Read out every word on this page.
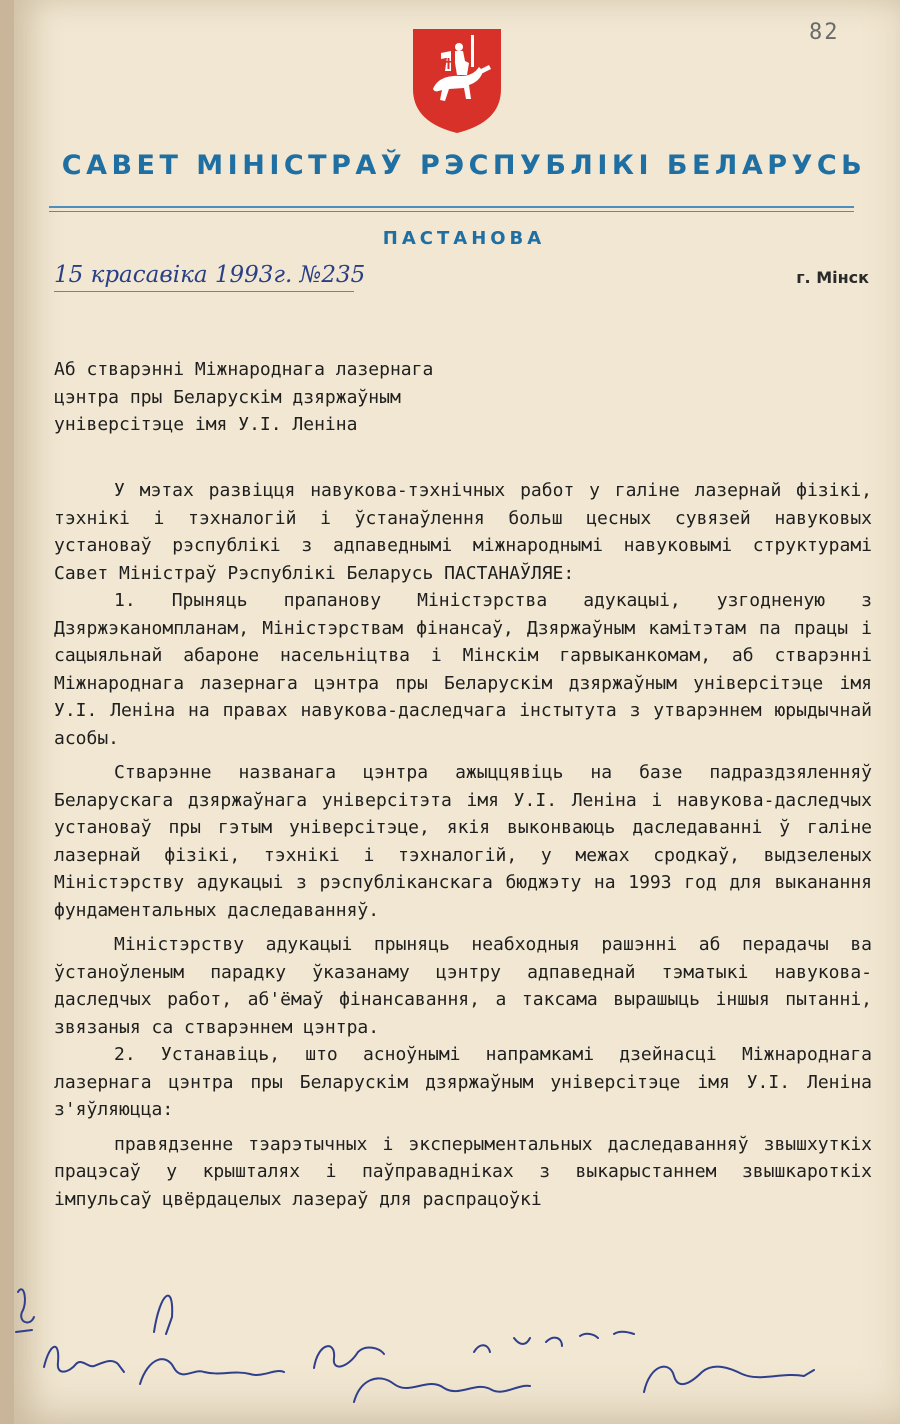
82
САВЕТ МІНІСТРАЎ РЭСПУБЛІКІ БЕЛАРУСЬ
ПАСТАНОВА
15 красавіка 1993г. №235	г. Мінск
Аб стварэнні Міжнароднага лазернага
цэнтра пры Беларускім дзяржаўным
універсітэце імя У.І. Леніна

У мэтах развіцця навукова-тэхнічных работ у галіне лазернай фізікі, тэхнікі і тэхналогій і ўстанаўлення больш цесных сувязей навуковых установаў рэспублікі з адпаведнымі міжнароднымі навуковымі структурамі Савет Міністраў Рэспублікі Беларусь ПАСТАНАЎЛЯЕ:

1. Прыняць прапанову Міністэрства адукацыі, узгодненую з Дзяржэканомпланам, Міністэрствам фінансаў, Дзяржаўным камітэтам па працы і сацыяльнай абароне насельніцтва і Мінскім гарвыканкомам, аб стварэнні Міжнароднага лазернага цэнтра пры Беларускім дзяржаўным універсітэце імя У.І. Леніна на правах навукова-даследчага інстытута з утварэннем юрыдычнай асобы.

Стварэнне названага цэнтра ажыццявіць на базе падраздзяленняў Беларускага дзяржаўнага універсітэта імя У.І. Леніна і навукова-даследчых установаў пры гэтым універсітэце, якія выконваюць даследаванні ў галіне лазернай фізікі, тэхнікі і тэхналогій, у межах сродкаў, выдзеленых Міністэрству адукацыі з рэспубліканскага бюджэту на 1993 год для выканання фундаментальных даследаванняў.

Міністэрству адукацыі прыняць неабходныя рашэнні аб перадачы ва ўстаноўленым парадку ўказанаму цэнтру адпаведнай тэматыкі навукова-даследчых работ, аб'ёмаў фінансавання, а таксама вырашыць іншыя пытанні, звязаныя са стварэннем цэнтра.

2. Устанавіць, што асноўнымі напрамкамі дзейнасці Міжнароднага лазернага цэнтра пры Беларускім дзяржаўным універсітэце імя У.І. Леніна з'яўляюцца:

правядзенне тэарэтычных і эксперыментальных даследаванняў звышхуткіх працэсаў у крышталях і паўправадніках з выкарыстаннем звышкароткіх імпульсаў цвёрдацелых лазераў для распрацоўкі
